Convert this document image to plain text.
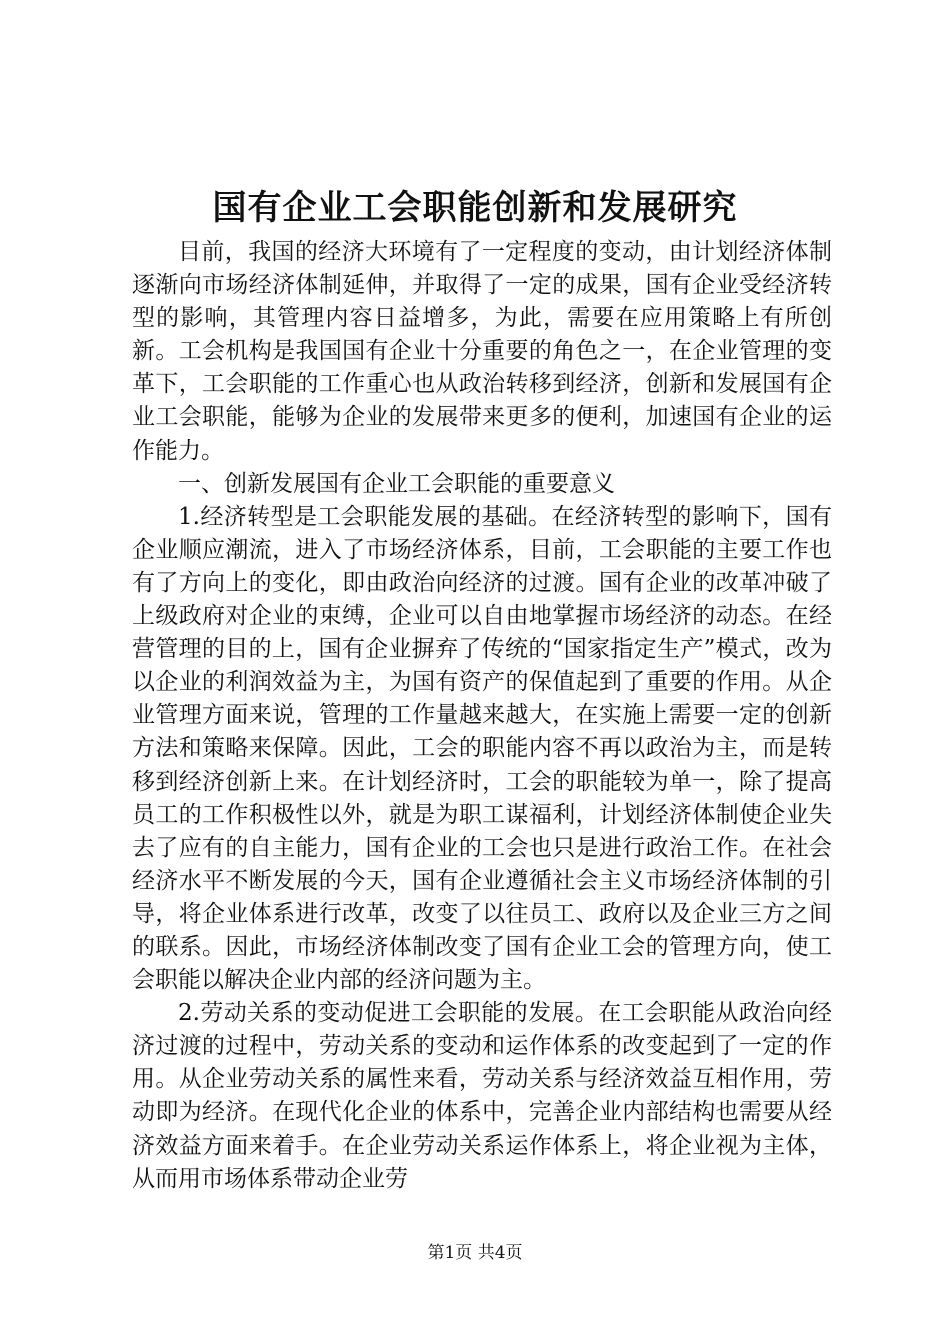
国有企业工会职能创新和发展研究

目前，我国的经济大环境有了一定程度的变动，由计划经济体制逐渐向市场经济体制延伸，并取得了一定的成果，国有企业受经济转型的影响，其管理内容日益增多，为此，需要在应用策略上有所创新。工会机构是我国国有企业十分重要的角色之一，在企业管理的变革下，工会职能的工作重心也从政治转移到经济，创新和发展国有企业工会职能，能够为企业的发展带来更多的便利，加速国有企业的运作能力。

一、创新发展国有企业工会职能的重要意义

1.经济转型是工会职能发展的基础。在经济转型的影响下，国有企业顺应潮流，进入了市场经济体系，目前，工会职能的主要工作也有了方向上的变化，即由政治向经济的过渡。国有企业的改革冲破了上级政府对企业的束缚，企业可以自由地掌握市场经济的动态。在经营管理的目的上，国有企业摒弃了传统的“国家指定生产”模式，改为以企业的利润效益为主，为国有资产的保值起到了重要的作用。从企业管理方面来说，管理的工作量越来越大，在实施上需要一定的创新方法和策略来保障。因此，工会的职能内容不再以政治为主，而是转移到经济创新上来。在计划经济时，工会的职能较为单一，除了提高员工的工作积极性以外，就是为职工谋福利，计划经济体制使企业失去了应有的自主能力，国有企业的工会也只是进行政治工作。在社会经济水平不断发展的今天，国有企业遵循社会主义市场经济体制的引导，将企业体系进行改革，改变了以往员工、政府以及企业三方之间的联系。因此，市场经济体制改变了国有企业工会的管理方向，使工会职能以解决企业内部的经济问题为主。

2.劳动关系的变动促进工会职能的发展。在工会职能从政治向经济过渡的过程中，劳动关系的变动和运作体系的改变起到了一定的作用。从企业劳动关系的属性来看，劳动关系与经济效益互相作用，劳动即为经济。在现代化企业的体系中，完善企业内部结构也需要从经济效益方面来着手。在企业劳动关系运作体系上，将企业视为主体，从而用市场体系带动企业劳

第1页 共4页
